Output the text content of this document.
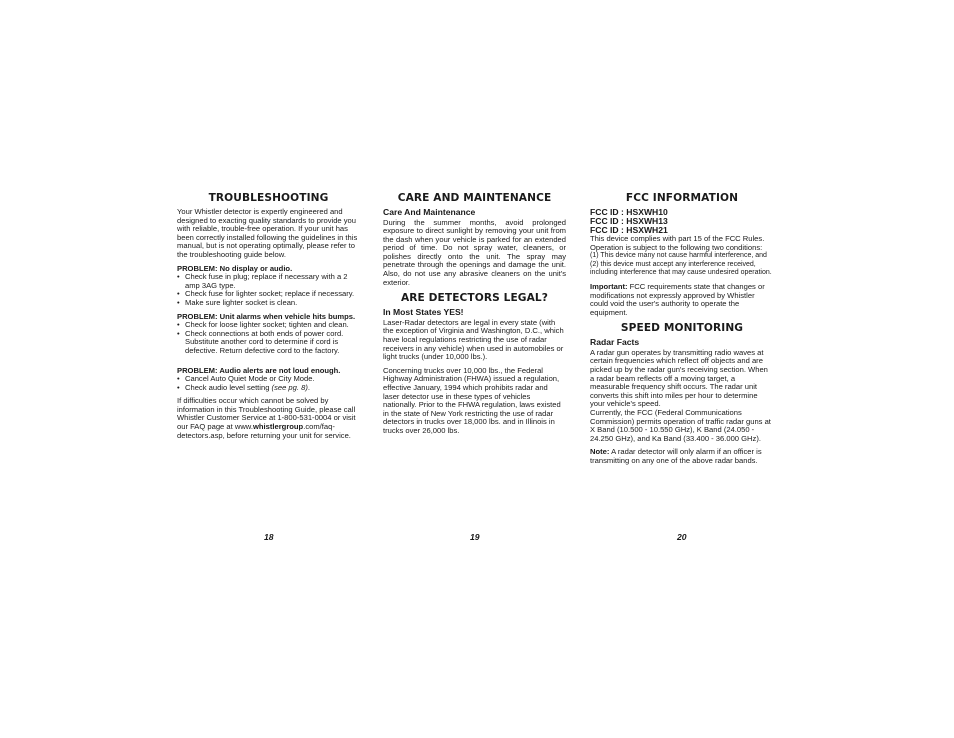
TROUBLESHOOTING

Your Whistler detector is expertly engineered and designed to exacting quality standards to provide you with reliable, trouble-free operation. If your unit has been correctly installed following the guidelines in this manual, but is not operating optimally, please refer to the troubleshooting guide below.

PROBLEM: No display or audio.

• Check fuse in plug; replace if necessary with a 2 amp 3AG type.
• Check fuse for lighter socket; replace if necessary.
• Make sure lighter socket is clean.

PROBLEM: Unit alarms when vehicle hits bumps.

• Check for loose lighter socket; tighten and clean.
• Check connections at both ends of power cord. Substitute another cord to determine if cord is defective. Return defective cord to the factory.

PROBLEM: Audio alerts are not loud enough.

• Cancel Auto Quiet Mode or City Mode.
• Check audio level setting (see pg. 8).

If difficulties occur which cannot be solved by information in this Troubleshooting Guide, please call Whistler Customer Service at 1-800-531-0004 or visit our FAQ page at www.whistlergroup.com/faq-detectors.asp, before returning your unit for service.

CARE AND MAINTENANCE
Care And Maintenance

During the summer months, avoid prolonged exposure to direct sunlight by removing your unit from the dash when your vehicle is parked for an extended period of time. Do not spray water, cleaners, or polishes directly onto the unit. The spray may penetrate through the openings and damage the unit. Also, do not use any abrasive cleaners on the unit's exterior.

ARE DETECTORS LEGAL?
In Most States YES!

Laser-Radar detectors are legal in every state (with the exception of Virginia and Washington, D.C., which have local regulations restricting the use of radar receivers in any vehicle) when used in automobiles or light trucks (under 10,000 lbs.).

Concerning trucks over 10,000 lbs., the Federal Highway Administration (FHWA) issued a regulation, effective January, 1994 which prohibits radar and laser detector use in these types of vehicles nationally. Prior to the FHWA regulation, laws existed in the state of New York restricting the use of radar detectors in trucks over 18,000 lbs. and in Illinois in trucks over 26,000 lbs.

FCC INFORMATION

FCC ID : HSXWH10

FCC ID : HSXWH13

FCC ID : HSXWH21

This device complies with part 15 of the FCC Rules. Operation is subject to the following two conditions:

(1) This device many not cause harmful interference, and

(2) this device must accept any interference received, including interference that may cause undesired operation.

Important: FCC requirements state that changes or modifications not expressly approved by Whistler could void the user's authority to operate the equipment.

SPEED MONITORING
Radar Facts

A radar gun operates by transmitting radio waves at certain frequencies which reflect off objects and are picked up by the radar gun's receiving section. When a radar beam reflects off a moving target, a measurable frequency shift occurs. The radar unit converts this shift into miles per hour to determine your vehicle's speed.

Currently, the FCC (Federal Communications Commission) permits operation of traffic radar guns at X Band (10.500 - 10.550 GHz), K Band (24.050 - 24.250 GHz), and Ka Band (33.400 - 36.000 GHz).

Note: A radar detector will only alarm if an officer is transmitting on any one of the above radar bands.

18	19	20
